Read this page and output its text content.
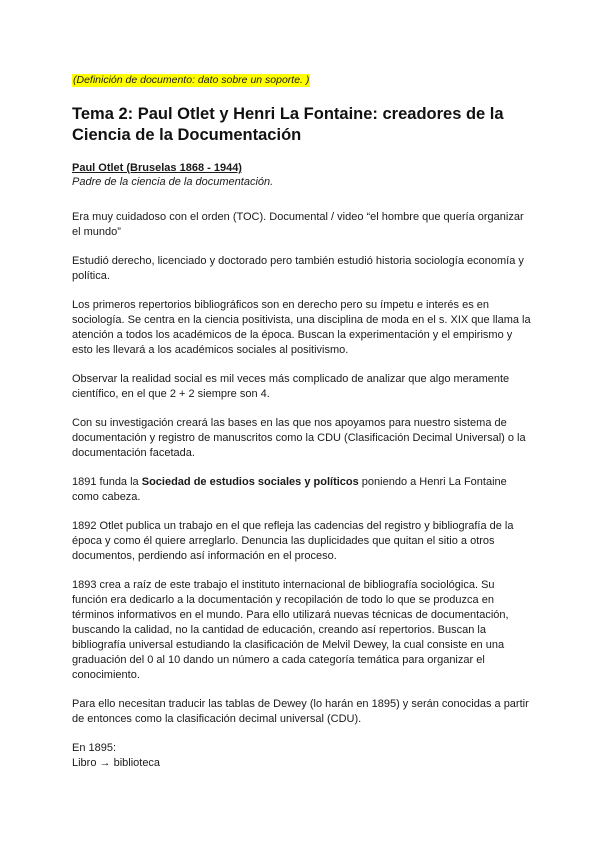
(Definición de documento: dato sobre un soporte. )
Tema 2: Paul Otlet y Henri La Fontaine: creadores de la Ciencia de la Documentación
Paul Otlet (Bruselas 1868 - 1944)
Padre de la ciencia de la documentación.

Era muy cuidadoso con el orden (TOC). Documental / video “el hombre que quería organizar el mundo”

Estudió derecho, licenciado y doctorado pero también estudió historia sociología economía y política.

Los primeros repertorios bibliográficos son en derecho pero su ímpetu e interés es en sociología. Se centra en la ciencia positivista, una disciplina de moda en el s. XIX que llama la atención a todos los académicos de la época. Buscan la experimentación y el empirismo y esto les llevará a los académicos sociales al positivismo.

Observar la realidad social es mil veces más complicado de analizar que algo meramente científico, en el que 2 + 2 siempre son 4.

Con su investigación creará las bases en las que nos apoyamos para nuestro sistema de documentación y registro de manuscritos como la CDU (Clasificación Decimal Universal) o la documentación facetada.

1891 funda la Sociedad de estudios sociales y políticos poniendo a Henri La Fontaine como cabeza.

1892 Otlet publica un trabajo en el que refleja las cadencias del registro y bibliografía de la época y como él quiere arreglarlo. Denuncia las duplicidades que quitan el sitio a otros documentos, perdiendo así información en el proceso.

1893 crea a raíz de este trabajo el instituto internacional de bibliografía sociológica. Su función era dedicarlo a la documentación y recopilación de todo lo que se produzca en términos informativos en el mundo. Para ello utilizará nuevas técnicas de documentación, buscando la calidad, no la cantidad de educación, creando así repertorios. Buscan la bibliografía universal estudiando la clasificación de Melvil Dewey, la cual consiste en una graduación del 0 al 10 dando un número a cada categoría temática para organizar el conocimiento.

Para ello necesitan traducir las tablas de Dewey (lo harán en 1895) y serán conocidas a partir de entonces como la clasificación decimal universal (CDU).

En 1895:
Libro → biblioteca
